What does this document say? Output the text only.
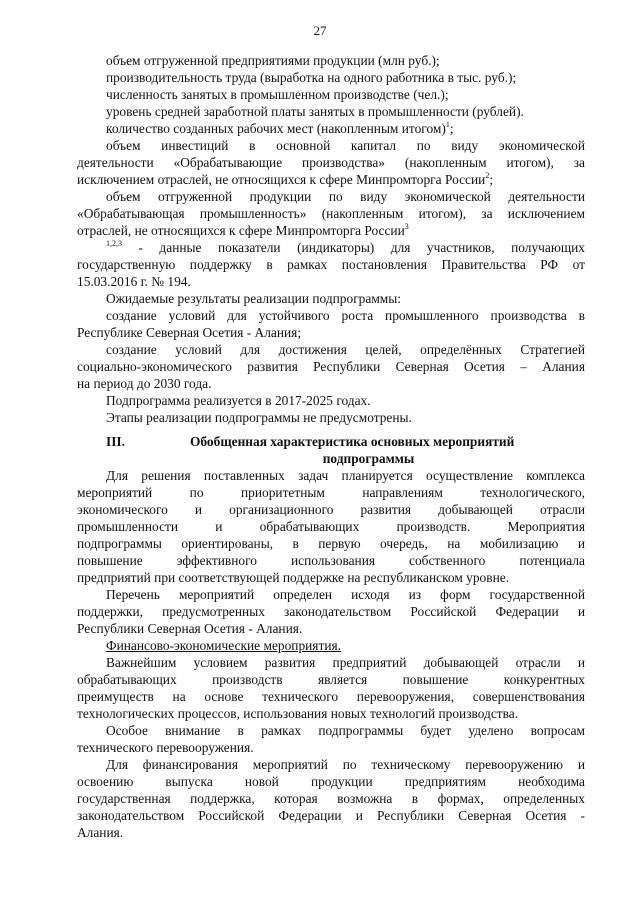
27
объем отгруженной предприятиями продукции (млн руб.);
производительность труда (выработка на одного работника в тыс. руб.);
численность занятых в промышленном производстве (чел.);
уровень средней заработной платы занятых в промышленности (рублей).
количество созданных рабочих мест (накопленным итогом)$^1$;
объем инвестиций в основной капитал по виду экономической
деятельности «Обрабатывающие производства» (накопленным итогом), за
исключением отраслей, не относящихся к сфере Минпромторга России$^2$;
объем отгруженной продукции по виду экономической деятельности
«Обрабатывающая промышленность» (накопленным итогом), за исключением
отраслей, не относящихся к сфере Минпромторга России$^3$
$^{1,2,3}$ - данные показатели (индикаторы) для участников, получающих
государственную поддержку в рамках постановления Правительства РФ от
15.03.2016 г. № 194.
Ожидаемые результаты реализации подпрограммы:
создание условий для устойчивого роста промышленного производства в
Республике Северная Осетия - Алания;
создание условий для достижения целей, определённых Стратегией
социально-экономического развития Республики Северная Осетия – Алания
на период до 2030 года.
Подпрограмма реализуется в 2017-2025 годах.
Этапы реализации подпрограммы не предусмотрены.
III.	Обобщенная характеристика основных мероприятий
подпрограммы
Для решения поставленных задач планируется осуществление комплекса
мероприятий по приоритетным направлениям технологического,
экономического и организационного развития добывающей отрасли
промышленности и обрабатывающих производств. Мероприятия
подпрограммы ориентированы, в первую очередь, на мобилизацию и
повышение эффективного использования собственного потенциала
предприятий при соответствующей поддержке на республиканском уровне.
Перечень мероприятий определен исходя из форм государственной
поддержки, предусмотренных законодательством Российской Федерации и
Республики Северная Осетия - Алания.
Финансово-экономические мероприятия.
Важнейшим условием развития предприятий добывающей отрасли и
обрабатывающих производств является повышение конкурентных
преимуществ на основе технического перевооружения, совершенствования
технологических процессов, использования новых технологий производства.
Особое внимание в рамках подпрограммы будет уделено вопросам
технического перевооружения.
Для финансирования мероприятий по техническому перевооружению и
освоению выпуска новой продукции предприятиям необходима
государственная поддержка, которая возможна в формах, определенных
законодательством Российской Федерации и Республики Северная Осетия -
Алания.
